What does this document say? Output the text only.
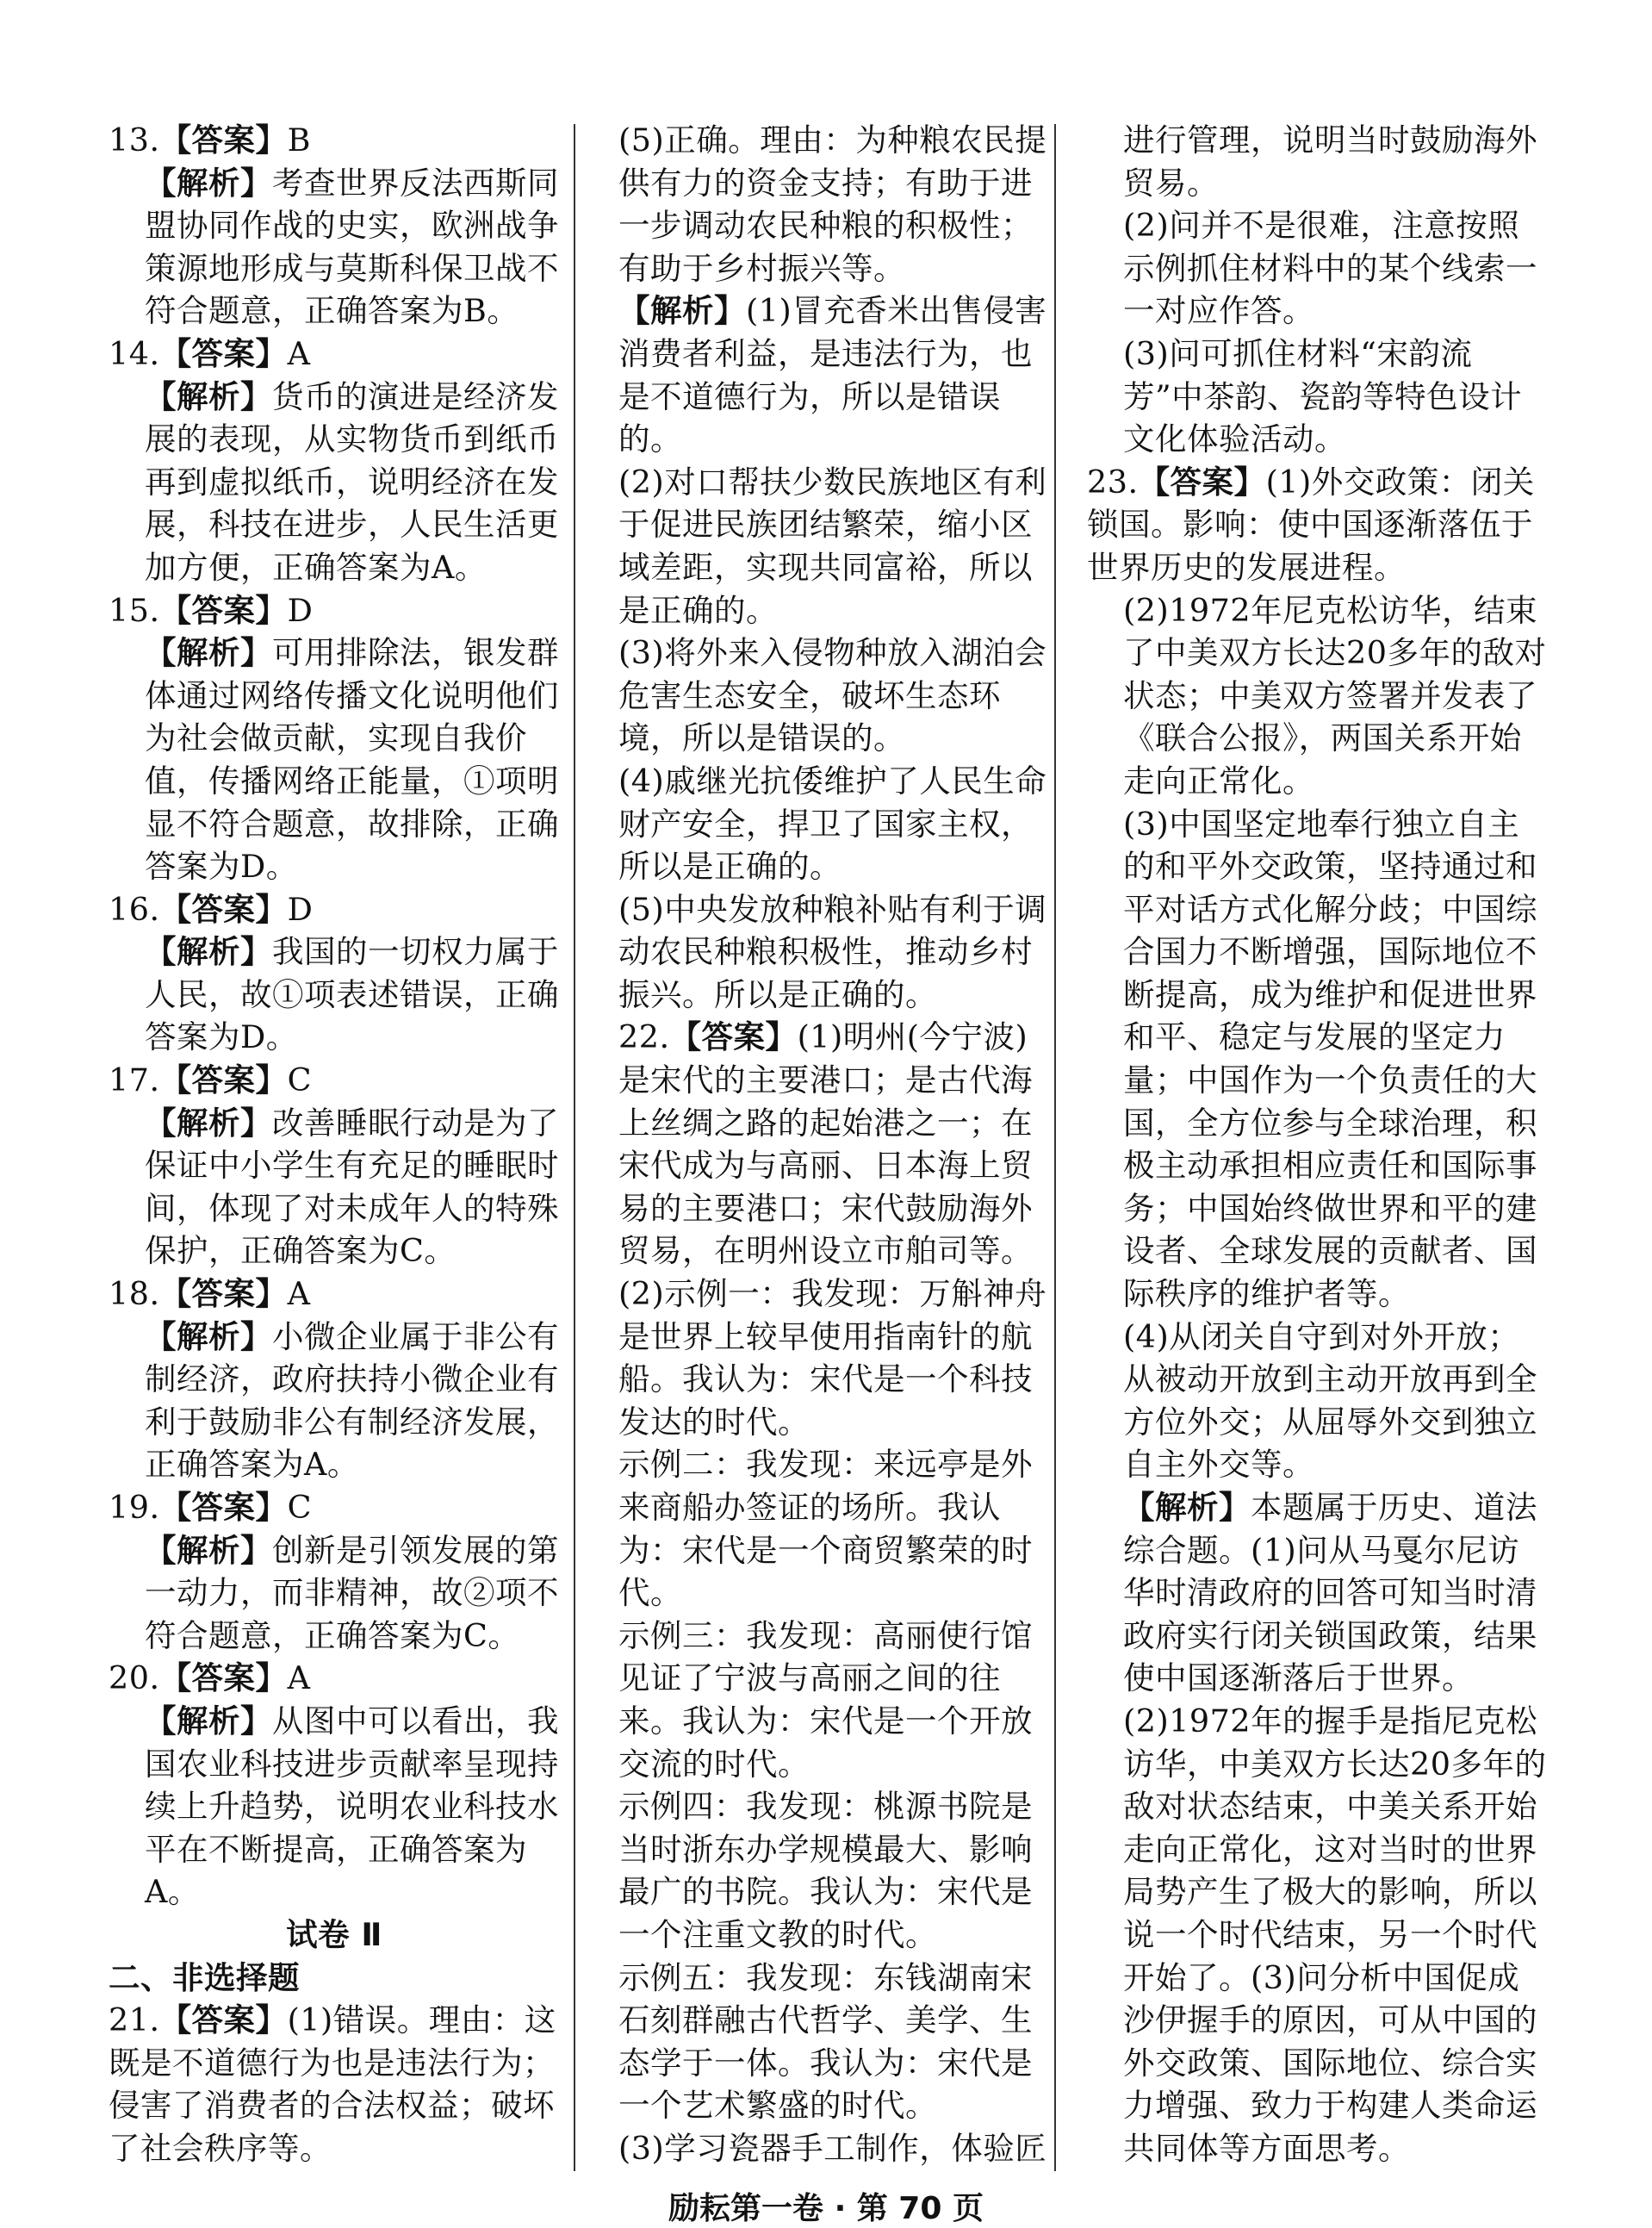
13.【答案】B

【解析】考查世界反法西斯同盟协同作战的史实，欧洲战争策源地形成与莫斯科保卫战不符合题意，正确答案为B。

14.【答案】A

【解析】货币的演进是经济发展的表现，从实物货币到纸币再到虚拟纸币，说明经济在发展，科技在进步，人民生活更加方便，正确答案为A。

15.【答案】D

【解析】可用排除法，银发群体通过网络传播文化说明他们为社会做贡献，实现自我价值，传播网络正能量，①项明显不符合题意，故排除，正确答案为D。

16.【答案】D

【解析】我国的一切权力属于人民，故①项表述错误，正确答案为D。

17.【答案】C

【解析】改善睡眠行动是为了保证中小学生有充足的睡眠时间，体现了对未成年人的特殊保护，正确答案为C。

18.【答案】A

【解析】小微企业属于非公有制经济，政府扶持小微企业有利于鼓励非公有制经济发展，正确答案为A。

19.【答案】C

【解析】创新是引领发展的第一动力，而非精神，故②项不符合题意，正确答案为C。

20.【答案】A

【解析】从图中可以看出，我国农业科技进步贡献率呈现持续上升趋势，说明农业科技水平在不断提高，正确答案为A。

试卷 Ⅱ

二、非选择题

21.【答案】(1)错误。理由：这既是不道德行为也是违法行为；侵害了消费者的合法权益；破坏了社会秩序等。

(5)正确。理由：为种粮农民提供有力的资金支持；有助于进一步调动农民种粮的积极性；有助于乡村振兴等。

【解析】(1)冒充香米出售侵害消费者利益，是违法行为，也是不道德行为，所以是错误的。

(2)对口帮扶少数民族地区有利于促进民族团结繁荣，缩小区域差距，实现共同富裕，所以是正确的。

(3)将外来入侵物种放入湖泊会危害生态安全，破坏生态环境，所以是错误的。

(4)戚继光抗倭维护了人民生命财产安全，捍卫了国家主权，所以是正确的。

(5)中央发放种粮补贴有利于调动农民种粮积极性，推动乡村振兴。所以是正确的。

22.【答案】(1)明州(今宁波)是宋代的主要港口；是古代海上丝绸之路的起始港之一；在宋代成为与高丽、日本海上贸易的主要港口；宋代鼓励海外贸易，在明州设立市舶司等。

(2)示例一：我发现：万斛神舟是世界上较早使用指南针的航船。我认为：宋代是一个科技发达的时代。

示例二：我发现：来远亭是外来商船办签证的场所。我认为：宋代是一个商贸繁荣的时代。

示例三：我发现：高丽使行馆见证了宁波与高丽之间的往来。我认为：宋代是一个开放交流的时代。

示例四：我发现：桃源书院是当时浙东办学规模最大、影响最广的书院。我认为：宋代是一个注重文教的时代。

示例五：我发现：东钱湖南宋石刻群融古代哲学、美学、生态学于一体。我认为：宋代是一个艺术繁盛的时代。

(3)学习瓷器手工制作，体验匠

进行管理，说明当时鼓励海外贸易。

(2)问并不是很难，注意按照示例抓住材料中的某个线索一一对应作答。

(3)问可抓住材料“宋韵流芳”中茶韵、瓷韵等特色设计文化体验活动。

23.【答案】(1)外交政策：闭关锁国。影响：使中国逐渐落伍于世界历史的发展进程。

(2)1972年尼克松访华，结束了中美双方长达20多年的敌对状态；中美双方签署并发表了《联合公报》，两国关系开始走向正常化。

(3)中国坚定地奉行独立自主的和平外交政策，坚持通过和平对话方式化解分歧；中国综合国力不断增强，国际地位不断提高，成为维护和促进世界和平、稳定与发展的坚定力量；中国作为一个负责任的大国，全方位参与全球治理，积极主动承担相应责任和国际事务；中国始终做世界和平的建设者、全球发展的贡献者、国际秩序的维护者等。

(4)从闭关自守到对外开放；从被动开放到主动开放再到全方位外交；从屈辱外交到独立自主外交等。

【解析】本题属于历史、道法综合题。(1)问从马戛尔尼访华时清政府的回答可知当时清政府实行闭关锁国政策，结果使中国逐渐落后于世界。(2)1972年的握手是指尼克松访华，中美双方长达20多年的敌对状态结束，中美关系开始走向正常化，这对当时的世界局势产生了极大的影响，所以说一个时代结束，另一个时代开始了。(3)问分析中国促成沙伊握手的原因，可从中国的外交政策、国际地位、综合实力增强、致力于构建人类命运共同体等方面思考。

励耘第一卷 · 第 70 页
